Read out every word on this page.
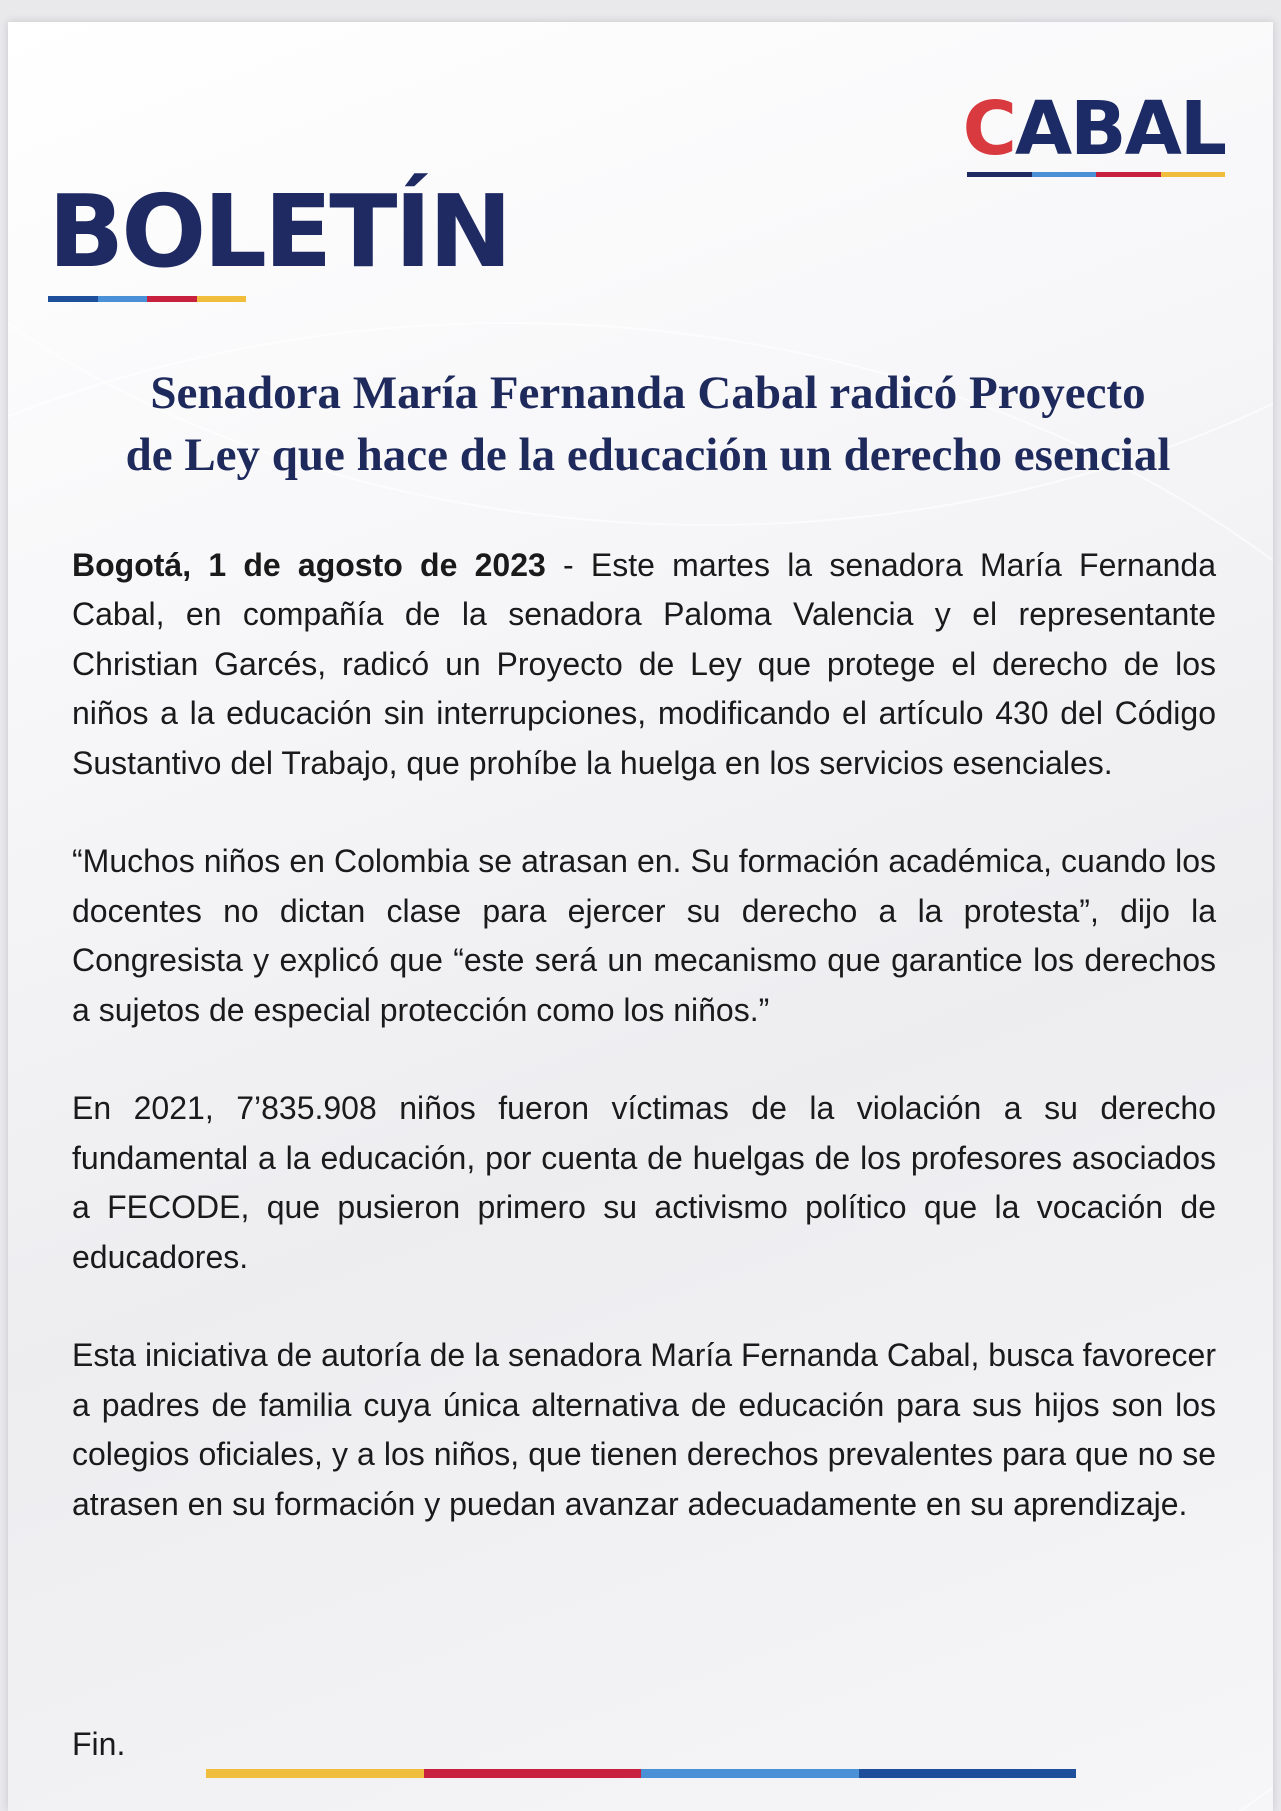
CABAL
BOLETÍN
Senadora María Fernanda Cabal radicó Proyecto
de Ley que hace de la educación un derecho esencial

Bogotá, 1 de agosto de 2023 - Este martes la senadora María Fernanda Cabal, en compañía de la senadora Paloma Valencia y el representante Christian Garcés, radicó un Proyecto de Ley que protege el derecho de los niños a la educación sin interrupciones, modificando el artículo 430 del Código Sustantivo del Trabajo, que prohíbe la huelga en los servicios esenciales.

“Muchos niños en Colombia se atrasan en. Su formación académica, cuando los docentes no dictan clase para ejercer su derecho a la protesta”, dijo la Congresista y explicó que “este será un mecanismo que garantice los derechos a sujetos de especial protección como los niños.”

En 2021, 7’835.908 niños fueron víctimas de la violación a su derecho fundamental a la educación, por cuenta de huelgas de los profesores asociados a FECODE, que pusieron primero su activismo político que la vocación de educadores.

Esta iniciativa de autoría de la senadora María Fernanda Cabal, busca favorecer a padres de familia cuya única alternativa de educación para sus hijos son los colegios oficiales, y a los niños, que tienen derechos prevalentes para que no se atrasen en su formación y puedan avanzar adecuadamente en su aprendizaje.

Fin.
